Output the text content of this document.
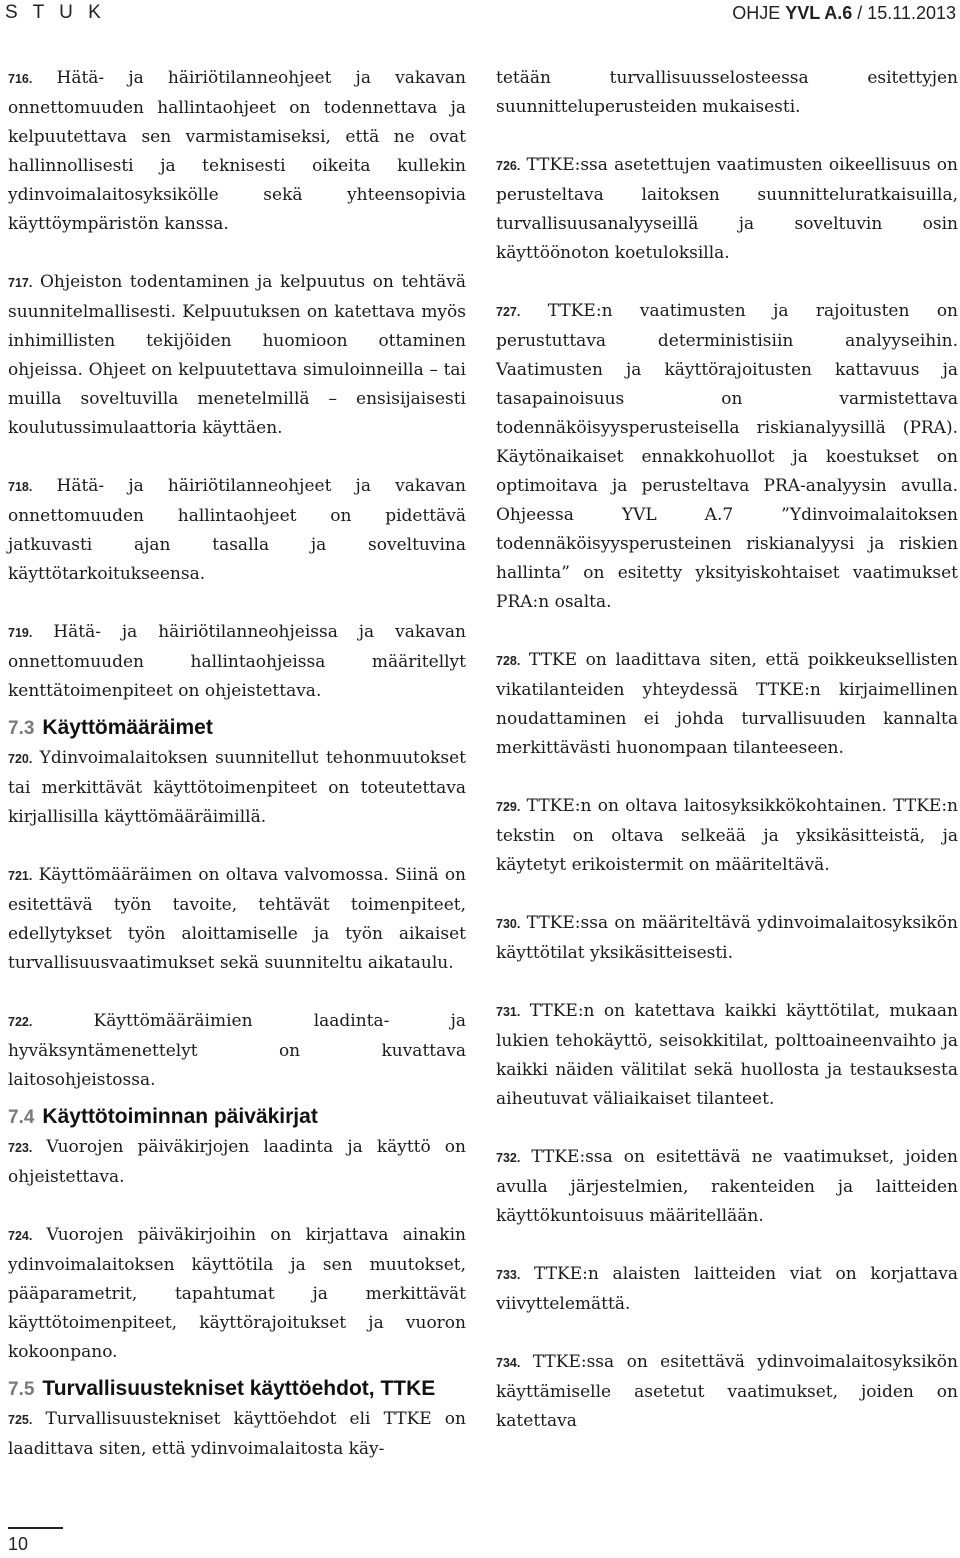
S T U K	OHJE YVL A.6 / 15.11.2013

716. Hätä- ja häiriötilanneohjeet ja vakavan onnettomuuden hallintaohjeet on todennettava ja kelpuutettava sen varmistamiseksi, että ne ovat hallinnollisesti ja teknisesti oikeita kullekin ydinvoimalaitosyksikölle sekä yhteensopivia käyttöympäristön kanssa.

717. Ohjeiston todentaminen ja kelpuutus on tehtävä suunnitelmallisesti. Kelpuutuksen on katettava myös inhimillisten tekijöiden huomioon ottaminen ohjeissa. Ohjeet on kelpuutettava simuloinneilla – tai muilla soveltuvilla menetelmillä – ensisijaisesti koulutussimulaattoria käyttäen.

718. Hätä- ja häiriötilanneohjeet ja vakavan onnettomuuden hallintaohjeet on pidettävä jatkuvasti ajan tasalla ja soveltuvina käyttötarkoitukseensa.

719. Hätä- ja häiriötilanneohjeissa ja vakavan onnettomuuden hallintaohjeissa määritellyt kenttätoimenpiteet on ohjeistettava.

7.3 Käyttömääräimet

720. Ydinvoimalaitoksen suunnitellut tehonmuutokset tai merkittävät käyttötoimenpiteet on toteutettava kirjallisilla käyttömääräimillä.

721. Käyttömääräimen on oltava valvomossa. Siinä on esitettävä työn tavoite, tehtävät toimenpiteet, edellytykset työn aloittamiselle ja työn aikaiset turvallisuusvaatimukset sekä suunniteltu aikataulu.

722. Käyttömääräimien laadinta- ja hyväksyntämenettelyt on kuvattava laitosohjeistossa.

7.4 Käyttötoiminnan päiväkirjat

723. Vuorojen päiväkirjojen laadinta ja käyttö on ohjeistettava.

724. Vuorojen päiväkirjoihin on kirjattava ainakin ydinvoimalaitoksen käyttötila ja sen muutokset, pääparametrit, tapahtumat ja merkittävät käyttötoimenpiteet, käyttörajoitukset ja vuoron kokoonpano.

7.5 Turvallisuustekniset käyttöehdot, TTKE

725. Turvallisuustekniset käyttöehdot eli TTKE on laadittava siten, että ydinvoimalaitosta käy-

tetään turvallisuusselosteessa esitettyjen suunnitteluperusteiden mukaisesti.

726. TTKE:ssa asetettujen vaatimusten oikeellisuus on perusteltava laitoksen suunnitteluratkaisuilla, turvallisuusanalyyseillä ja soveltuvin osin käyttöönoton koetuloksilla.

727. TTKE:n vaatimusten ja rajoitusten on perustuttava deterministisiin analyyseihin. Vaatimusten ja käyttörajoitusten kattavuus ja tasapainoisuus on varmistettava todennäköisyysperusteisella riskianalyysillä (PRA). Käytönaikaiset ennakkohuollot ja koestukset on optimoitava ja perusteltava PRA-analyysin avulla. Ohjeessa YVL A.7 ”Ydinvoimalaitoksen todennäköisyysperusteinen riskianalyysi ja riskien hallinta” on esitetty yksityiskohtaiset vaatimukset PRA:n osalta.

728. TTKE on laadittava siten, että poikkeuksellisten vikatilanteiden yhteydessä TTKE:n kirjaimellinen noudattaminen ei johda turvallisuuden kannalta merkittävästi huonompaan tilanteeseen.

729. TTKE:n on oltava laitosyksikkökohtainen. TTKE:n tekstin on oltava selkeää ja yksikäsitteistä, ja käytetyt erikoistermit on määriteltävä.

730. TTKE:ssa on määriteltävä ydinvoimalaitosyksikön käyttötilat yksikäsitteisesti.

731. TTKE:n on katettava kaikki käyttötilat, mukaan lukien tehokäyttö, seisokkitilat, polttoaineenvaihto ja kaikki näiden välitilat sekä huollosta ja testauksesta aiheutuvat väliaikaiset tilanteet.

732. TTKE:ssa on esitettävä ne vaatimukset, joiden avulla järjestelmien, rakenteiden ja laitteiden käyttökuntoisuus määritellään.

733. TTKE:n alaisten laitteiden viat on korjattava viivyttelemättä.

734. TTKE:ssa on esitettävä ydinvoimalaitosyksikön käyttämiselle asetetut vaatimukset, joiden on katettava

10
